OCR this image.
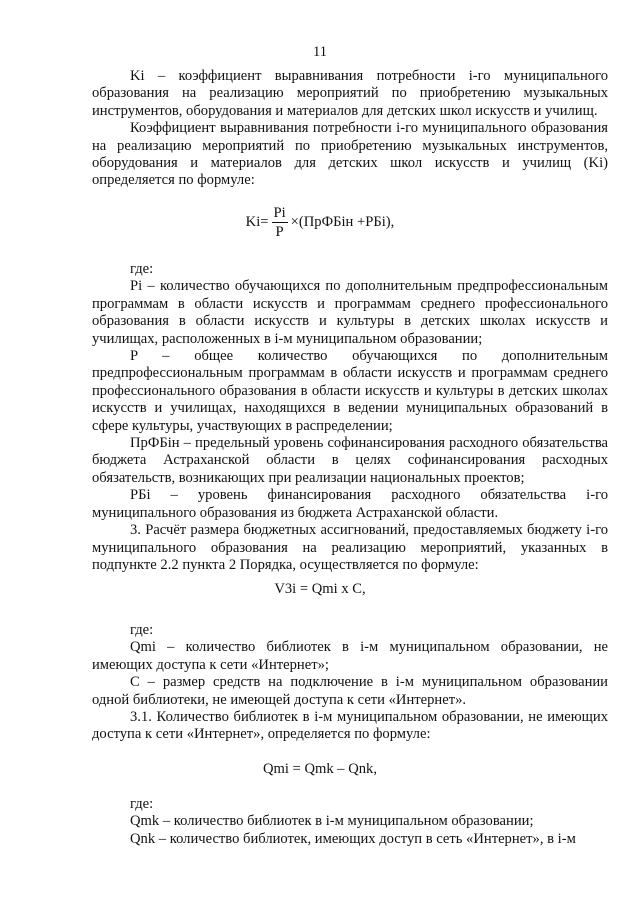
11

Ki – коэффициент выравнивания потребности i-го муниципального образования на реализацию мероприятий по приобретению музыкальных инструментов, оборудования и материалов для детских школ искусств и училищ.

Коэффициент выравнивания потребности i-го муниципального образования на реализацию мероприятий по приобретению музыкальных инструментов, оборудования и материалов для детских школ искусств и училищ (Ki) определяется по формуле:

$Ki= \frac{Pi}{P}$ ×(ПрФБiн +РБi),

где:

Pi – количество обучающихся по дополнительным предпрофессиональным программам в области искусств и программам среднего профессионального образования в области искусств и культуры в детских школах искусств и училищах, расположенных в i-м муниципальном образовании;

P – общее количество обучающихся по дополнительным предпрофессиональным программам в области искусств и программам среднего профессионального образования в области искусств и культуры в детских школах искусств и училищах, находящихся в ведении муниципальных образований в сфере культуры, участвующих в распределении;

ПрФБiн – предельный уровень софинансирования расходного обязательства бюджета Астраханской области в целях софинансирования расходных обязательств, возникающих при реализации национальных проектов;

РБi – уровень финансирования расходного обязательства i-го муниципального образования из бюджета Астраханской области.

3. Расчёт размера бюджетных ассигнований, предоставляемых бюджету i-го муниципального образования на реализацию мероприятий, указанных в подпункте 2.2 пункта 2 Порядка, осуществляется по формуле:

V3i = Qmi x C,

где:

Qmi – количество библиотек в i-м муниципальном образовании, не имеющих доступа к сети «Интернет»;

C – размер средств на подключение в i-м муниципальном образовании одной библиотеки, не имеющей доступа к сети «Интернет».

3.1. Количество библиотек в i-м муниципальном образовании, не имеющих доступа к сети «Интернет», определяется по формуле:

Qmi = Qmk – Qnk,

где:

Qmk – количество библиотек в i-м муниципальном образовании;

Qnk – количество библиотек, имеющих доступ в сеть «Интернет», в i-м
